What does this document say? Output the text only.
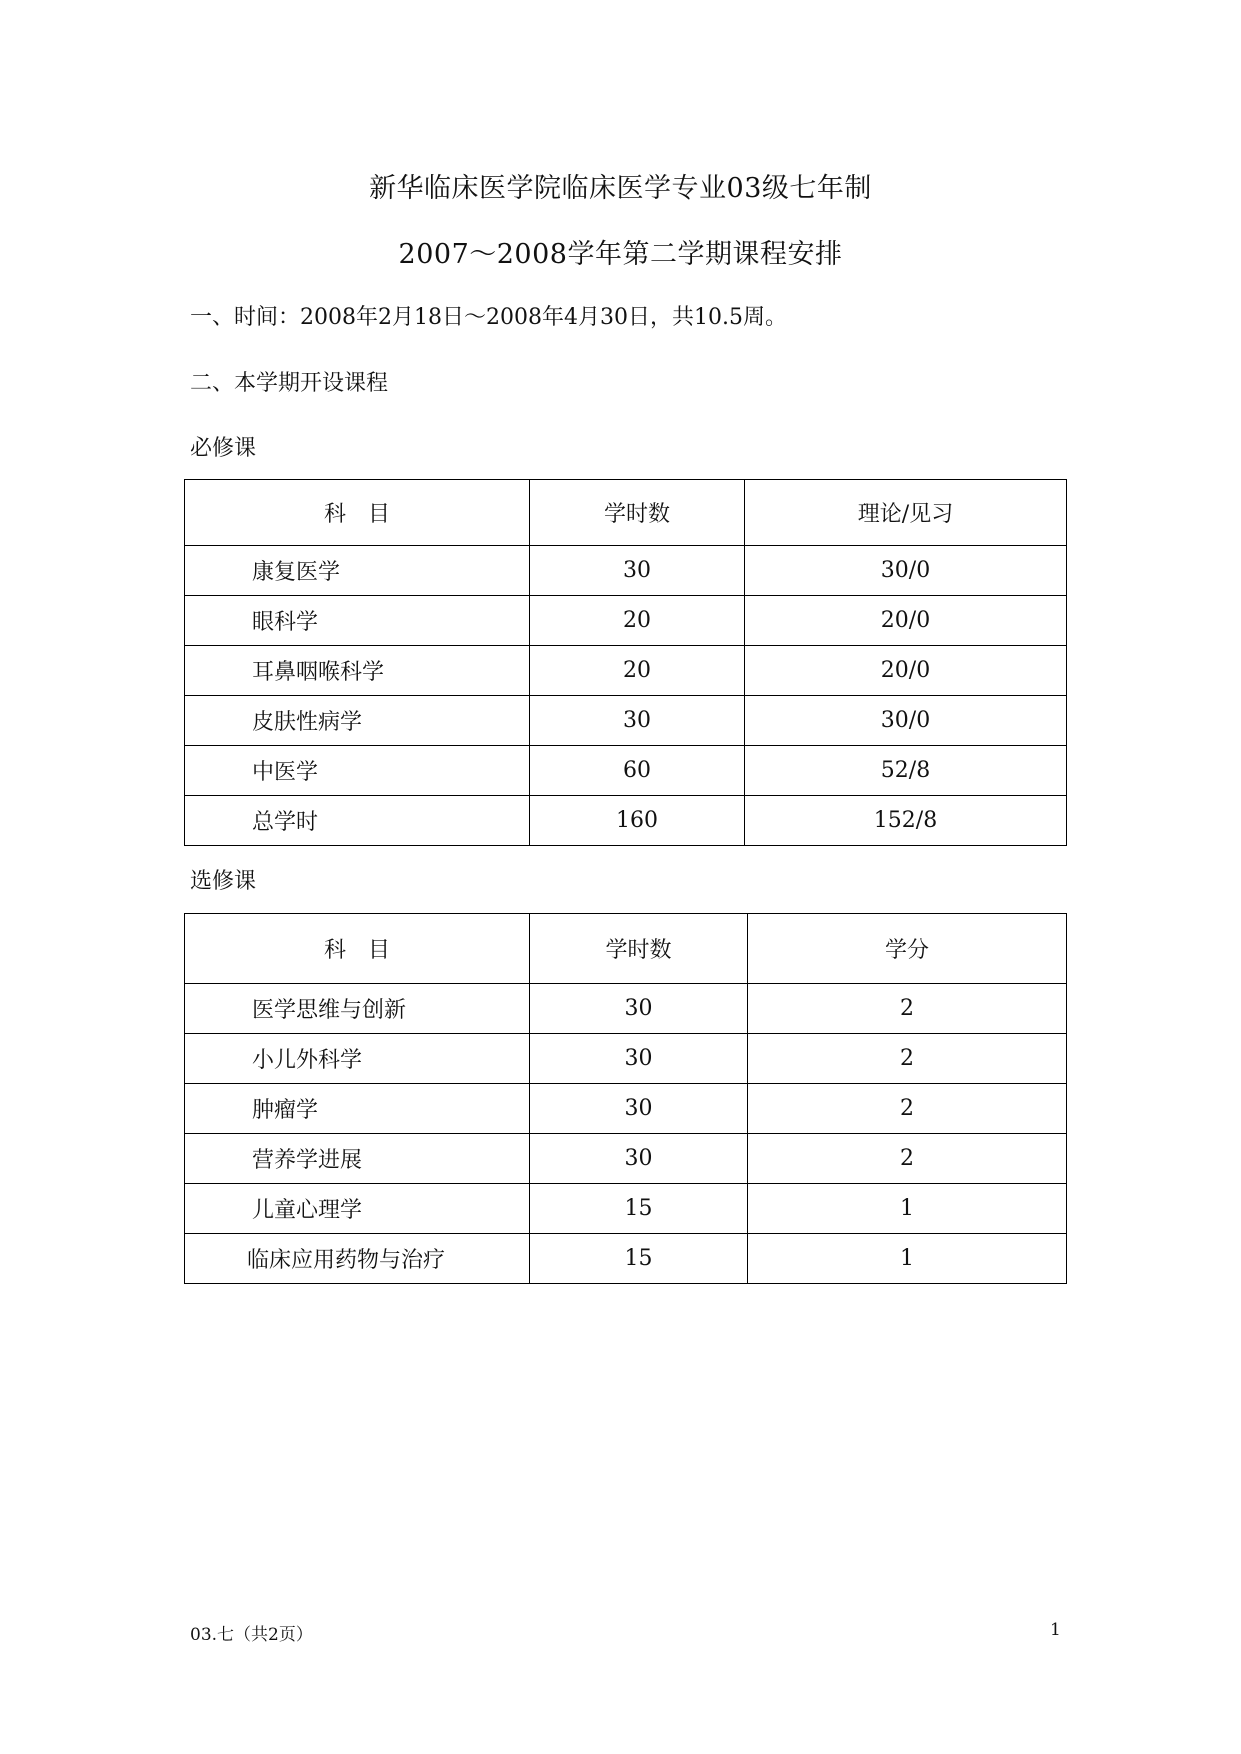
新华临床医学院临床医学专业03级七年制
2007～2008学年第二学期课程安排
一、时间：2008年2月18日～2008年4月30日，共10.5周。
二、本学期开设课程
必修课
科　目	学时数	理论/见习
康复医学	30	30/0
眼科学	20	20/0
耳鼻咽喉科学	20	20/0
皮肤性病学	30	30/0
中医学	60	52/8
总学时	160	152/8
选修课
科　目	学时数	学分
医学思维与创新	30	2
小儿外科学	30	2
肿瘤学	30	2
营养学进展	30	2
儿童心理学	15	1
临床应用药物与治疗	15	1
03.七（共2页）	1
